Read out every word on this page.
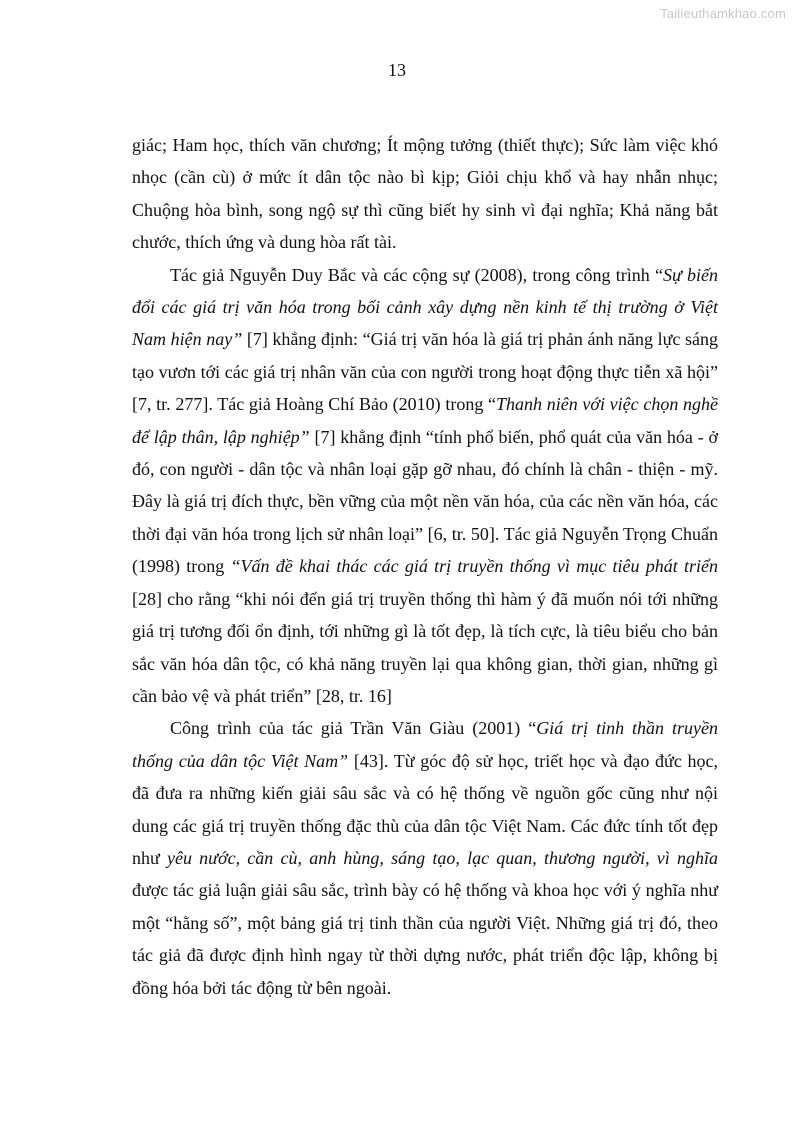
Tailieuthamkhao.com
13

giác; Ham học, thích văn chương; Ít mộng tưởng (thiết thực); Sức làm việc khó nhọc (cần cù) ở mức ít dân tộc nào bì kịp; Giỏi chịu khổ và hay nhẫn nhục; Chuộng hòa bình, song ngộ sự thì cũng biết hy sinh vì đại nghĩa; Khả năng bắt chước, thích ứng và dung hòa rất tài.

Tác giả Nguyễn Duy Bắc và các cộng sự (2008), trong công trình “Sự biến đổi các giá trị văn hóa trong bối cảnh xây dựng nền kinh tế thị trường ở Việt Nam hiện nay” [7] khẳng định: “Giá trị văn hóa là giá trị phản ánh năng lực sáng tạo vươn tới các giá trị nhân văn của con người trong hoạt động thực tiễn xã hội” [7, tr. 277]. Tác giả Hoàng Chí Bảo (2010) trong “Thanh niên với việc chọn nghề để lập thân, lập nghiệp” [7] khẳng định “tính phổ biến, phổ quát của văn hóa - ở đó, con người - dân tộc và nhân loại gặp gỡ nhau, đó chính là chân - thiện - mỹ. Đây là giá trị đích thực, bền vững của một nền văn hóa, của các nền văn hóa, các thời đại văn hóa trong lịch sử nhân loại” [6, tr. 50]. Tác giả Nguyễn Trọng Chuẩn (1998) trong “Vấn đề khai thác các giá trị truyền thống vì mục tiêu phát triển [28] cho rằng “khi nói đến giá trị truyền thống thì hàm ý đã muốn nói tới những giá trị tương đối ổn định, tới những gì là tốt đẹp, là tích cực, là tiêu biểu cho bản sắc văn hóa dân tộc, có khả năng truyền lại qua không gian, thời gian, những gì cần bảo vệ và phát triển” [28, tr. 16]

Công trình của tác giả Trần Văn Giàu (2001) “Giá trị tinh thần truyền thống của dân tộc Việt Nam” [43]. Từ góc độ sử học, triết học và đạo đức học, đã đưa ra những kiến giải sâu sắc và có hệ thống về nguồn gốc cũng như nội dung các giá trị truyền thống đặc thù của dân tộc Việt Nam. Các đức tính tốt đẹp như yêu nước, cần cù, anh hùng, sáng tạo, lạc quan, thương người, vì nghĩa được tác giả luận giải sâu sắc, trình bày có hệ thống và khoa học với ý nghĩa như một “hằng số”, một bảng giá trị tinh thần của người Việt. Những giá trị đó, theo tác giả đã được định hình ngay từ thời dựng nước, phát triển độc lập, không bị đồng hóa bởi tác động từ bên ngoài.
